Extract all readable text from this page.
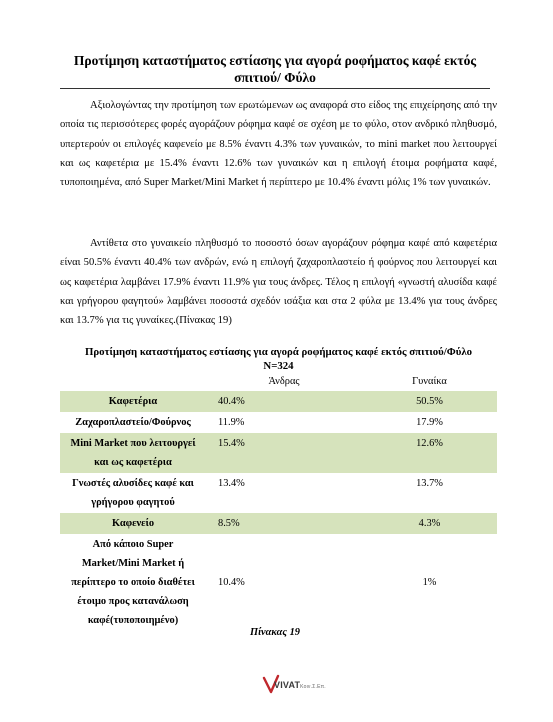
Προτίμηση καταστήματος εστίασης για αγορά ροφήματος καφέ εκτός σπιτιού/ Φύλο

Αξιολογώντας την προτίμηση των ερωτώμενων ως αναφορά στο είδος της επιχείρησης από την οποία τις περισσότερες φορές αγοράζουν ρόφημα καφέ σε σχέση με το φύλο, στον ανδρικό πληθυσμό, υπερτερούν οι επιλογές καφενείο με 8.5% έναντι 4.3% των γυναικών, το mini market που λειτουργεί και ως καφετέρια με 15.4% έναντι 12.6% των γυναικών και η επιλογή έτοιμα ροφήματα καφέ, τυποποιημένα, από Super Market/Mini Market ή περίπτερο με 10.4% έναντι μόλις 1% των γυναικών.

Αντίθετα στο γυναικείο πληθυσμό το ποσοστό όσων αγοράζουν ρόφημα καφέ από καφετέρια είναι 50.5% έναντι 40.4% των ανδρών, ενώ η επιλογή ζαχαροπλαστείο ή φούρνος που λειτουργεί και ως καφετέρια λαμβάνει 17.9% έναντι 11.9% για τους άνδρες. Τέλος η επιλογή «γνωστή αλυσίδα καφέ και γρήγορου φαγητού» λαμβάνει ποσοστά σχεδόν ισάξια και στα 2 φύλα με 13.4% για τους άνδρες και 13.7% για τις γυναίκες.(Πίνακας 19)

Προτίμηση καταστήματος εστίασης για αγορά ροφήματος καφέ εκτός σπιτιού/Φύλο
N=324
	Άνδρας	Γυναίκα
Καφετέρια	40.4%	50.5%
Ζαχαροπλαστείο/Φούρνος	11.9%	17.9%
Mini Market που λειτουργεί και ως καφετέρια	15.4%	12.6%
Γνωστές αλυσίδες καφέ και γρήγορου φαγητού	13.4%	13.7%
Καφενείο	8.5%	4.3%
Από κάποιο Super Market/Mini Market ή περίπτερο το οποίο διαθέτει έτοιμο προς κατανάλωση καφέ(τυποποιημένο)	10.4%	1%
Πίνακας 19
VIVATΚοιν.Σ.Επ.
